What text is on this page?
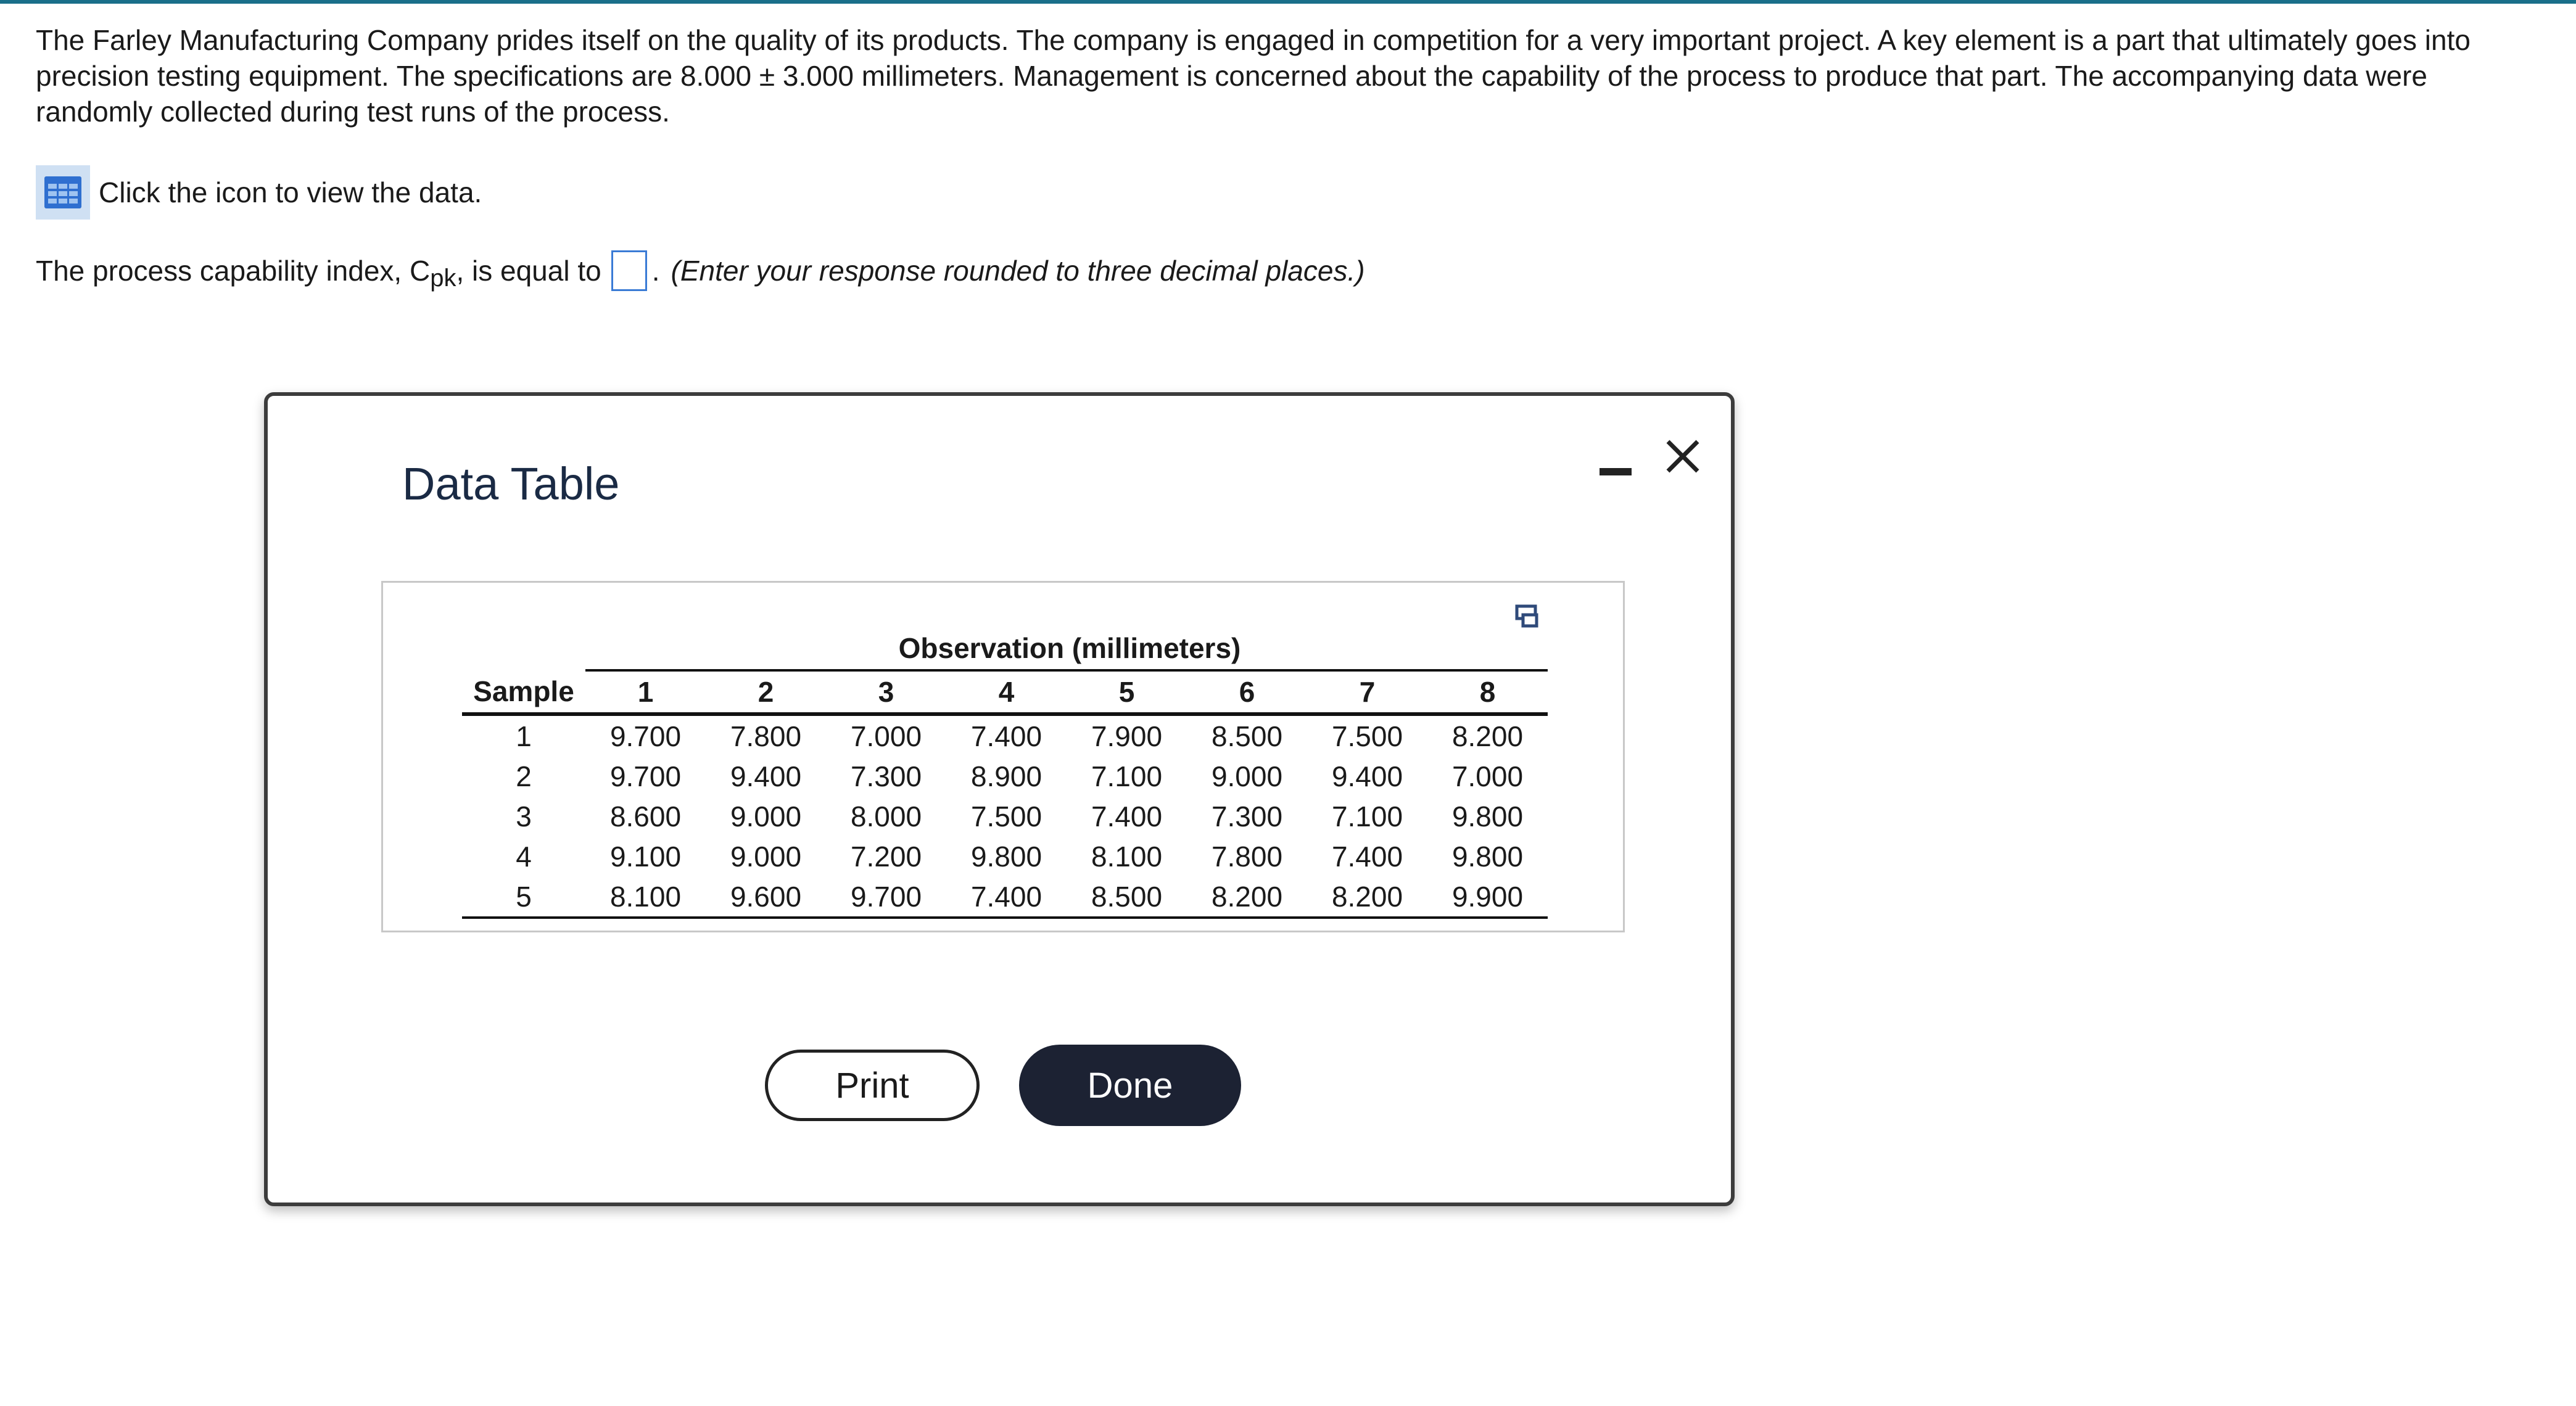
The Farley Manufacturing Company prides itself on the quality of its products. The company is engaged in competition for a very important project. A key element is a part that ultimately goes into precision testing equipment. The specifications are 8.000 ± 3.000 millimeters. Management is concerned about the capability of the process to produce that part. The accompanying data were randomly collected during test runs of the process.
Click the icon to view the data.
The process capability index, C pk , is equal to . (Enter your response rounded to three decimal places.)
Data Table
	Observation (millimeters)							
Sample	1	2	3	4	5	6	7	8
1	9.700	7.800	7.000	7.400	7.900	8.500	7.500	8.200
2	9.700	9.400	7.300	8.900	7.100	9.000	9.400	7.000
3	8.600	9.000	8.000	7.500	7.400	7.300	7.100	9.800
4	9.100	9.000	7.200	9.800	8.100	7.800	7.400	9.800
5	8.100	9.600	9.700	7.400	8.500	8.200	8.200	9.900
Print	Done
